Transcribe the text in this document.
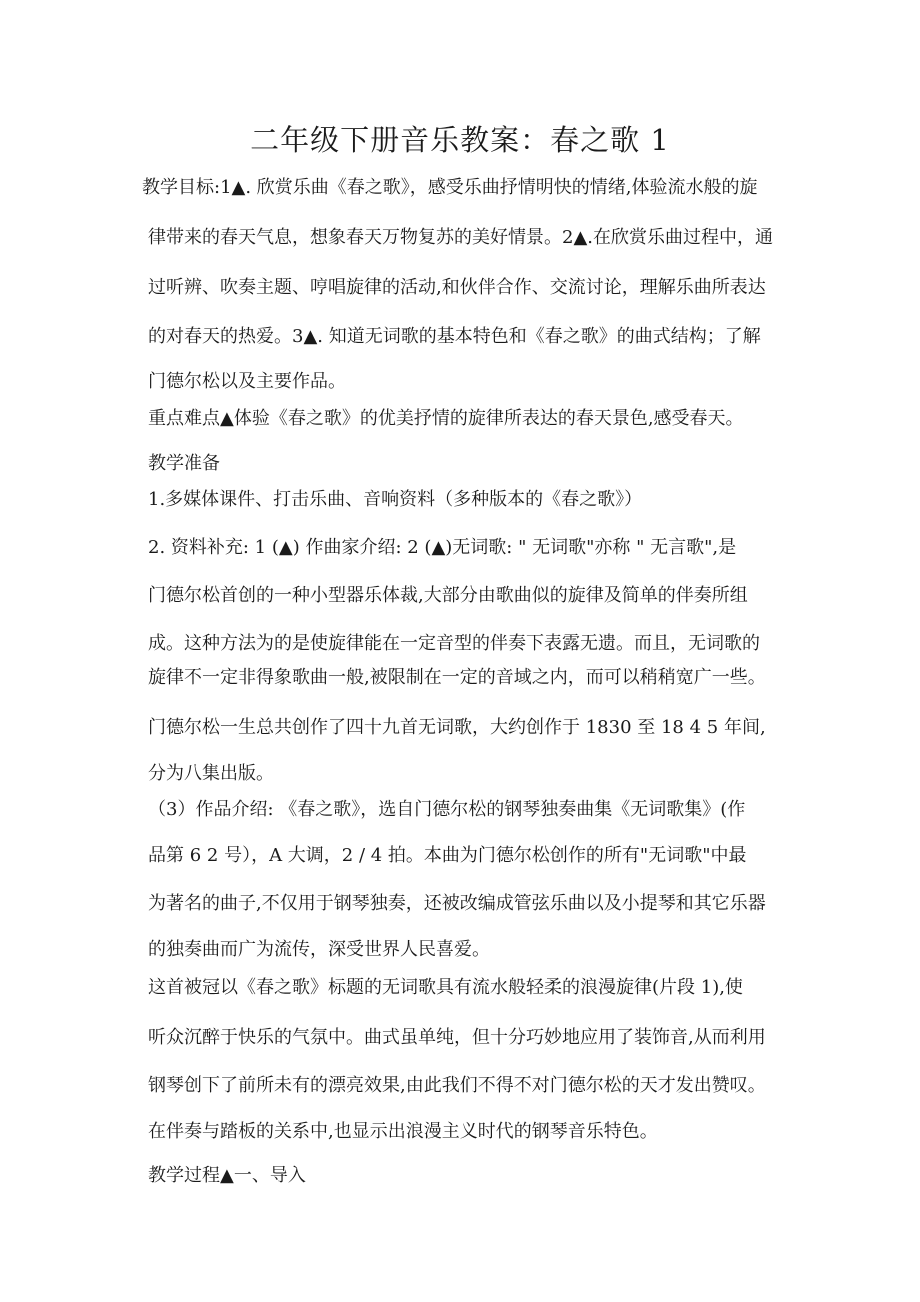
二年级下册音乐教案：春之歌 1
教学目标:1▲. 欣赏乐曲《春之歌》，感受乐曲抒情明快的情绪,体验流水般的旋
律带来的春天气息，想象春天万物复苏的美好情景。2▲.在欣赏乐曲过程中，通
过听辨、吹奏主题、哼唱旋律的活动,和伙伴合作、交流讨论，理解乐曲所表达
的对春天的热爱。3▲. 知道无词歌的基本特色和《春之歌》的曲式结构；了解
门德尔松以及主要作品。
重点难点▲体验《春之歌》的优美抒情的旋律所表达的春天景色,感受春天。
教学准备
1.多媒体课件、打击乐曲、音响资料（多种版本的《春之歌》）
2. 资料补充: 1 (▲) 作曲家介绍: 2 (▲)无词歌: " 无词歌"亦称 " 无言歌",是
门德尔松首创的一种小型器乐体裁,大部分由歌曲似的旋律及简单的伴奏所组
成。这种方法为的是使旋律能在一定音型的伴奏下表露无遗。而且，无词歌的
旋律不一定非得象歌曲一般,被限制在一定的音域之内，而可以稍稍宽广一些。
门德尔松一生总共创作了四十九首无词歌，大约创作于 1830 至 18 4 5 年间,
分为八集出版。
（3）作品介绍: 《春之歌》，选自门德尔松的钢琴独奏曲集《无词歌集》(作
品第 6 2 号），A 大调，2 / 4 拍。本曲为门德尔松创作的所有"无词歌"中最
为著名的曲子,不仅用于钢琴独奏，还被改编成管弦乐曲以及小提琴和其它乐器
的独奏曲而广为流传，深受世界人民喜爱。
这首被冠以《春之歌》标题的无词歌具有流水般轻柔的浪漫旋律(片段 1),使
听众沉醉于快乐的气氛中。曲式虽单纯，但十分巧妙地应用了装饰音,从而利用
钢琴创下了前所未有的漂亮效果,由此我们不得不对门德尔松的天才发出赞叹。
在伴奏与踏板的关系中,也显示出浪漫主义时代的钢琴音乐特色。
教学过程▲一、导入
